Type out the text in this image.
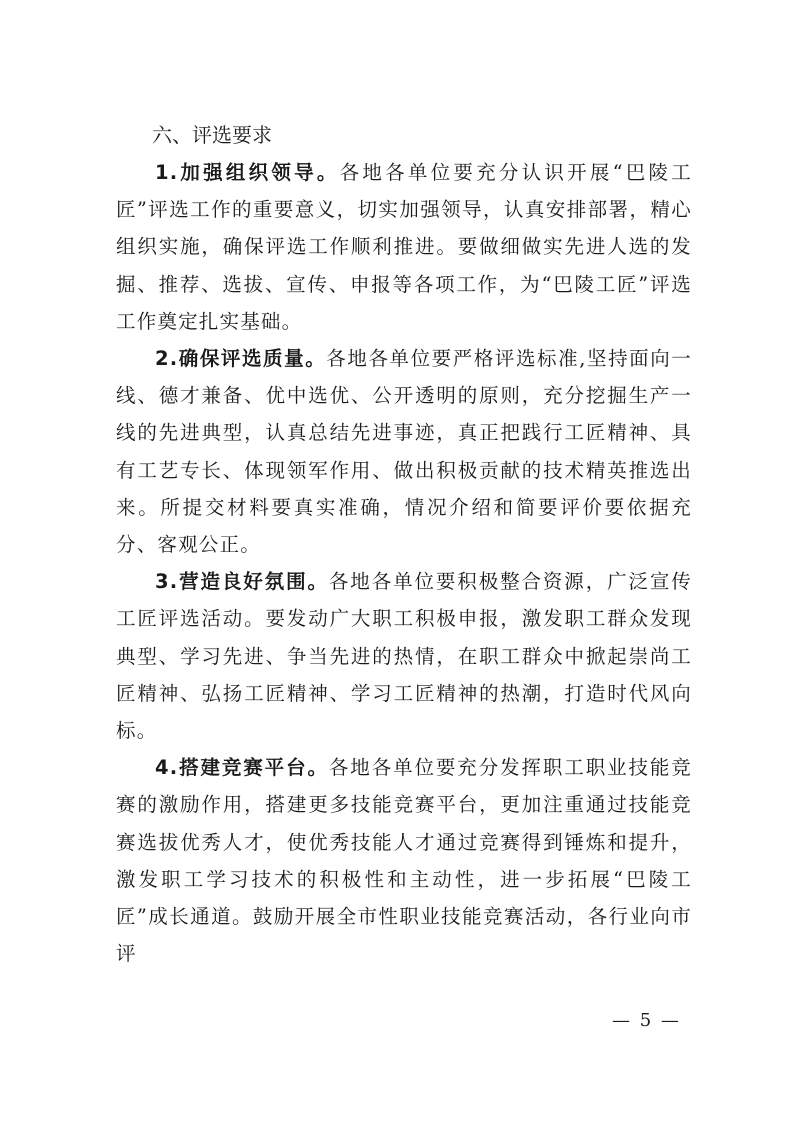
六、评选要求

1.加强组织领导。各地各单位要充分认识开展“巴陵工匠”评选工作的重要意义，切实加强领导，认真安排部署，精心组织实施，确保评选工作顺利推进。要做细做实先进人选的发掘、推荐、选拔、宣传、申报等各项工作，为“巴陵工匠”评选工作奠定扎实基础。

2.确保评选质量。各地各单位要严格评选标准,坚持面向一线、德才兼备、优中选优、公开透明的原则，充分挖掘生产一线的先进典型，认真总结先进事迹，真正把践行工匠精神、具有工艺专长、体现领军作用、做出积极贡献的技术精英推选出来。所提交材料要真实准确，情况介绍和简要评价要依据充分、客观公正。

3.营造良好氛围。各地各单位要积极整合资源，广泛宣传工匠评选活动。要发动广大职工积极申报，激发职工群众发现典型、学习先进、争当先进的热情，在职工群众中掀起崇尚工匠精神、弘扬工匠精神、学习工匠精神的热潮，打造时代风向标。

4.搭建竞赛平台。各地各单位要充分发挥职工职业技能竞赛的激励作用，搭建更多技能竞赛平台，更加注重通过技能竞赛选拔优秀人才，使优秀技能人才通过竞赛得到锤炼和提升，激发职工学习技术的积极性和主动性，进一步拓展“巴陵工匠”成长通道。鼓励开展全市性职业技能竞赛活动，各行业向市评

— 5 —
